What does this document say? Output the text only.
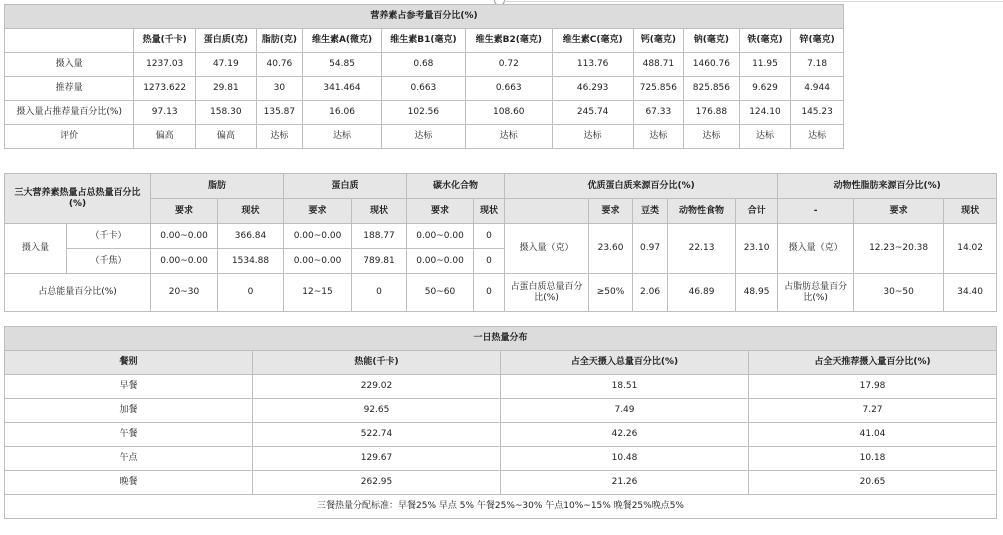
营养素占参考量百分比(%)											
	热量(千卡)	蛋白质(克)	脂肪(克)	维生素A(微克)	维生素B1(毫克)	维生素B2(毫克)	维生素C(毫克)	钙(毫克)	钠(毫克)	铁(毫克)	锌(毫克)
摄入量	1237.03	47.19	40.76	54.85	0.68	0.72	113.76	488.71	1460.76	11.95	7.18
推荐量	1273.622	29.81	30	341.464	0.663	0.663	46.293	725.856	825.856	9.629	4.944
摄入量占推荐量百分比(%)	97.13	158.30	135.87	16.06	102.56	108.60	245.74	67.33	176.88	124.10	145.23
评价	偏高	偏高	达标	达标	达标	达标	达标	达标	达标	达标	达标
三大营养素热量占总热量百分比(%)		脂肪		蛋白质		碳水化合物		优质蛋白质来源百分比(%)					动物性脂肪来源百分比(%)		
		要求	现状	要求	现状	要求	现状		要求	豆类	动物性食物	合计	-	要求	现状
摄入量	（千卡）	0.00~0.00	366.84	0.00~0.00	188.77	0.00~0.00	0	摄入量（克）	23.60	0.97	22.13	23.10	摄入量（克）	12.23~20.38	14.02
	（千焦）	0.00~0.00	1534.88	0.00~0.00	789.81	0.00~0.00	0								
占总能量百分比(%)		20~30	0	12~15	0	50~60	0	占蛋白质总量百分比(%)	≥50%	2.06	46.89	48.95	占脂肪总量百分比(%)	30~50	34.40
一日热量分布			
餐别	热能(千卡)	占全天摄入总量百分比(%)	占全天推荐摄入量百分比(%)
早餐	229.02	18.51	17.98
加餐	92.65	7.49	7.27
午餐	522.74	42.26	41.04
午点	129.67	10.48	10.18
晚餐	262.95	21.26	20.65
三餐热量分配标准：早餐25% 早点 5% 午餐25%~30% 午点10%~15% 晚餐25%晚点5%			
